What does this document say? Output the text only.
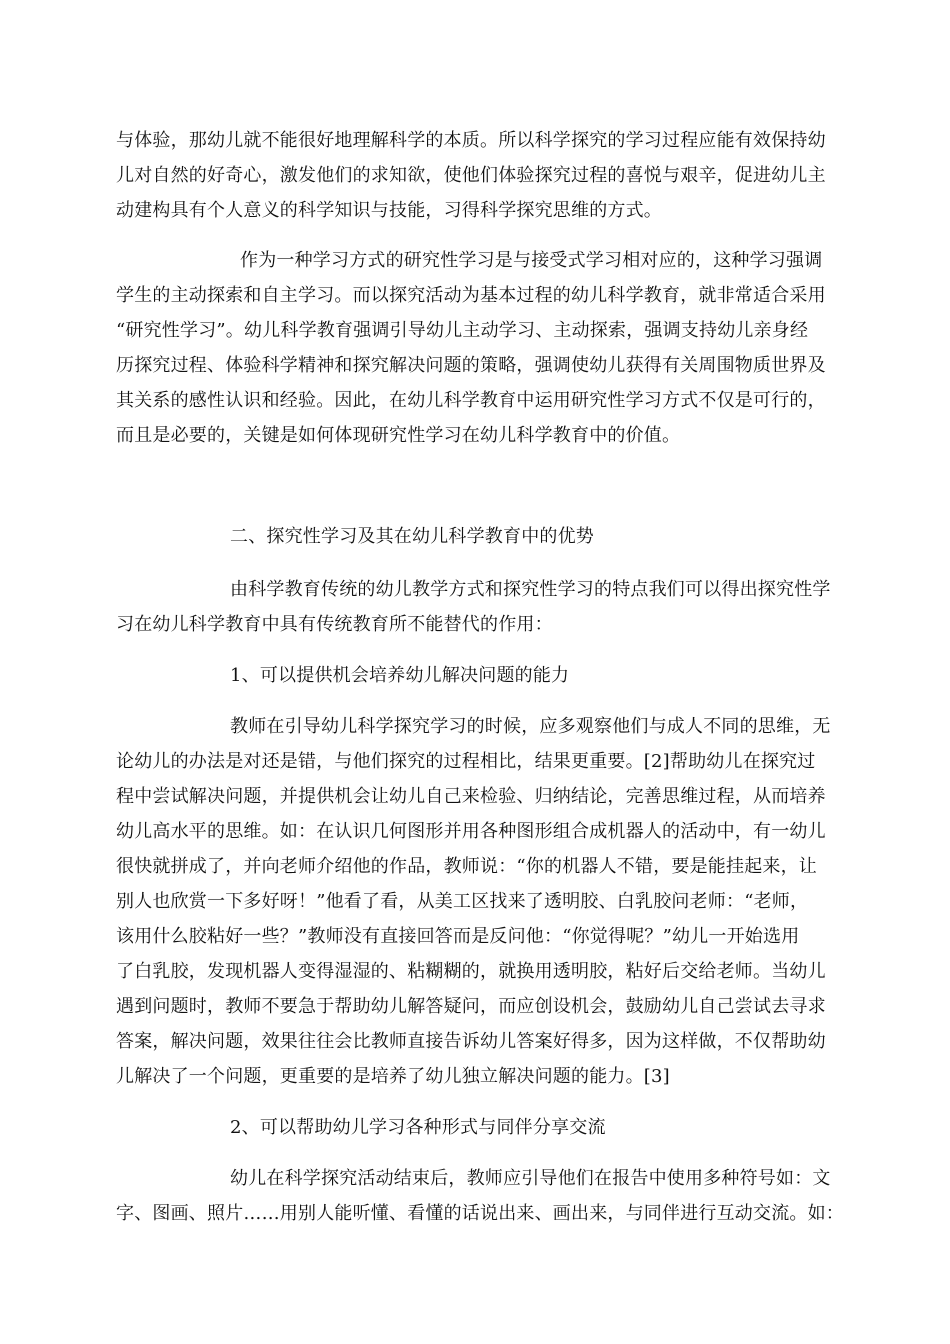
与体验，那幼儿就不能很好地理解科学的本质。所以科学探究的学习过程应能有效保持幼
儿对自然的好奇心，激发他们的求知欲，使他们体验探究过程的喜悦与艰辛，促进幼儿主
动建构具有个人意义的科学知识与技能，习得科学探究思维的方式。
作为一种学习方式的研究性学习是与接受式学习相对应的，这种学习强调
学生的主动探索和自主学习。而以探究活动为基本过程的幼儿科学教育，就非常适合采用
“研究性学习”。幼儿科学教育强调引导幼儿主动学习、主动探索，强调支持幼儿亲身经
历探究过程、体验科学精神和探究解决问题的策略，强调使幼儿获得有关周围物质世界及
其关系的感性认识和经验。因此，在幼儿科学教育中运用研究性学习方式不仅是可行的，
而且是必要的，关键是如何体现研究性学习在幼儿科学教育中的价值。
二、探究性学习及其在幼儿科学教育中的优势
由科学教育传统的幼儿教学方式和探究性学习的特点我们可以得出探究性学
习在幼儿科学教育中具有传统教育所不能替代的作用：
1、可以提供机会培养幼儿解决问题的能力
教师在引导幼儿科学探究学习的时候，应多观察他们与成人不同的思维，无
论幼儿的办法是对还是错，与他们探究的过程相比，结果更重要。[2]帮助幼儿在探究过
程中尝试解决问题，并提供机会让幼儿自己来检验、归纳结论，完善思维过程，从而培养
幼儿高水平的思维。如：在认识几何图形并用各种图形组合成机器人的活动中，有一幼儿
很快就拼成了，并向老师介绍他的作品，教师说：“你的机器人不错，要是能挂起来，让
别人也欣赏一下多好呀！”他看了看，从美工区找来了透明胶、白乳胶问老师：“老师，
该用什么胶粘好一些？”教师没有直接回答而是反问他：“你觉得呢？”幼儿一开始选用
了白乳胶，发现机器人变得湿湿的、粘糊糊的，就换用透明胶，粘好后交给老师。当幼儿
遇到问题时，教师不要急于帮助幼儿解答疑问，而应创设机会，鼓励幼儿自己尝试去寻求
答案，解决问题，效果往往会比教师直接告诉幼儿答案好得多，因为这样做，不仅帮助幼
儿解决了一个问题，更重要的是培养了幼儿独立解决问题的能力。[3]
2、可以帮助幼儿学习各种形式与同伴分享交流
幼儿在科学探究活动结束后，教师应引导他们在报告中使用多种符号如：文
字、图画、照片……用别人能听懂、看懂的话说出来、画出来，与同伴进行互动交流。如：
